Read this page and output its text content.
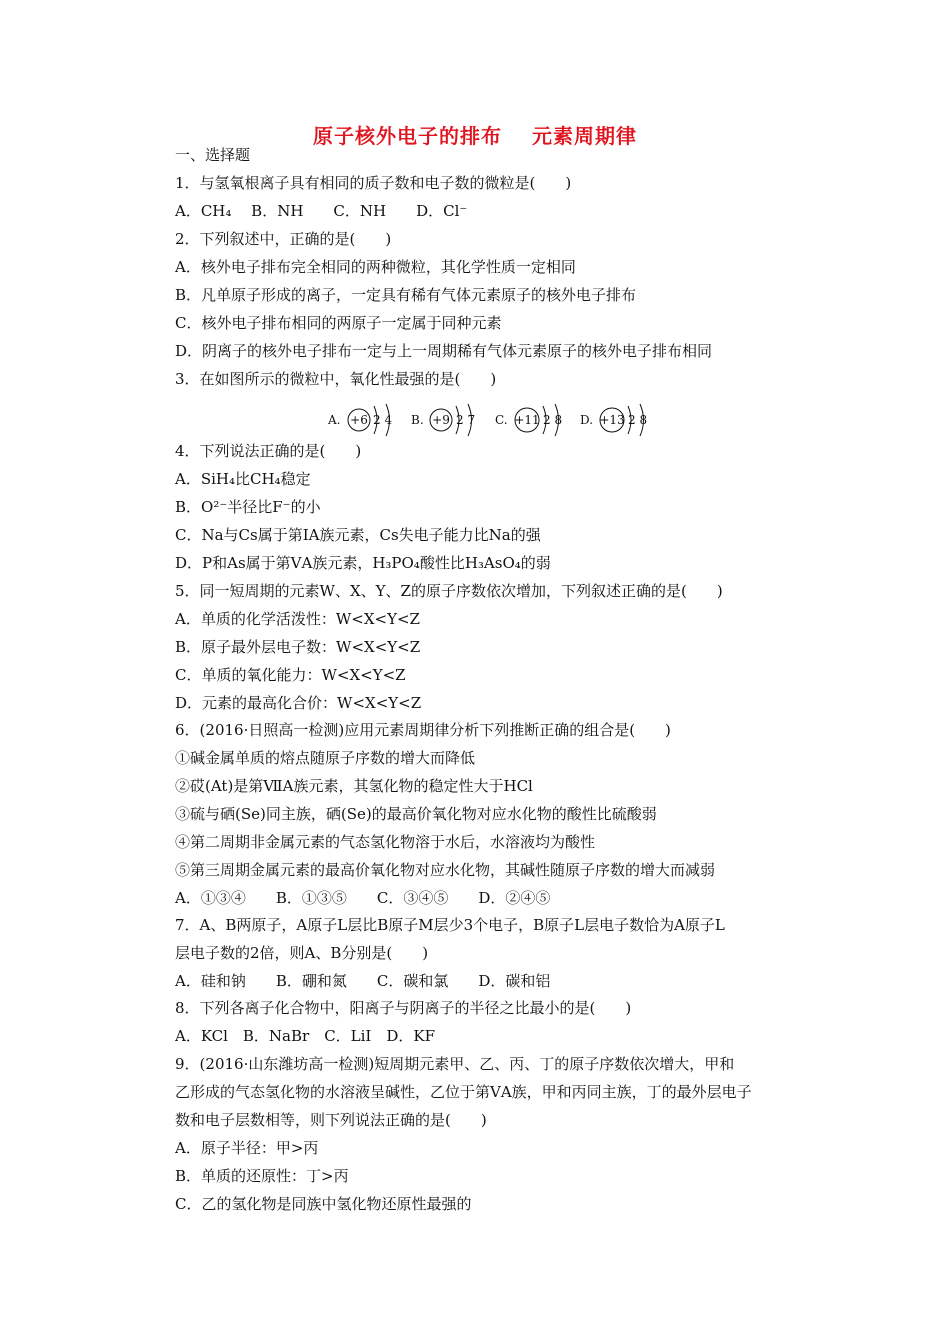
原子核外电子的排布 元素周期律
一、选择题
1．与氢氧根离子具有相同的质子数和电子数的微粒是(　　)
A．CH₄　 B．NH　　C．NH　　D．Cl⁻
2．下列叙述中，正确的是(　　)
A．核外电子排布完全相同的两种微粒，其化学性质一定相同
B．凡单原子形成的离子，一定具有稀有气体元素原子的核外电子排布
C．核外电子排布相同的两原子一定属于同种元素
D．阴离子的核外电子排布一定与上一周期稀有气体元素原子的核外电子排布相同
3．在如图所示的微粒中，氧化性最强的是(　　)
A. +6 2 4 B. +9 2 7 C. +11 2 8 D. +13 2 8
4．下列说法正确的是(　　)
A．SiH₄比CH₄稳定
B．O²⁻半径比F⁻的小
C．Na与Cs属于第ⅠA族元素，Cs失电子能力比Na的强
D．P和As属于第ⅤA族元素，H₃PO₄酸性比H₃AsO₄的弱
5．同一短周期的元素W、X、Y、Z的原子序数依次增加，下列叙述正确的是(　　)
A．单质的化学活泼性：W<X<Y<Z
B．原子最外层电子数：W<X<Y<Z
C．单质的氧化能力：W<X<Y<Z
D．元素的最高化合价：W<X<Y<Z
6．(2016·日照高一检测)应用元素周期律分析下列推断正确的组合是(　　)
①碱金属单质的熔点随原子序数的增大而降低
②砹(At)是第ⅦA族元素，其氢化物的稳定性大于HCl
③硫与硒(Se)同主族，硒(Se)的最高价氧化物对应水化物的酸性比硫酸弱
④第二周期非金属元素的气态氢化物溶于水后，水溶液均为酸性
⑤第三周期金属元素的最高价氧化物对应水化物，其碱性随原子序数的增大而减弱
A．①③④　　B．①③⑤　　C．③④⑤　　D．②④⑤
7．A、B两原子，A原子L层比B原子M层少3个电子，B原子L层电子数恰为A原子L
层电子数的2倍，则A、B分别是(　　)
A．硅和钠　　B．硼和氮　　C．碳和氯　　D．碳和铝
8．下列各离子化合物中，阳离子与阴离子的半径之比最小的是(　　)
A．KCl　B．NaBr　C．LiI　D．KF
9．(2016·山东潍坊高一检测)短周期元素甲、乙、丙、丁的原子序数依次增大，甲和
乙形成的气态氢化物的水溶液呈碱性，乙位于第ⅤA族，甲和丙同主族，丁的最外层电子
数和电子层数相等，则下列说法正确的是(　　)
A．原子半径：甲>丙
B．单质的还原性：丁>丙
C．乙的氢化物是同族中氢化物还原性最强的
